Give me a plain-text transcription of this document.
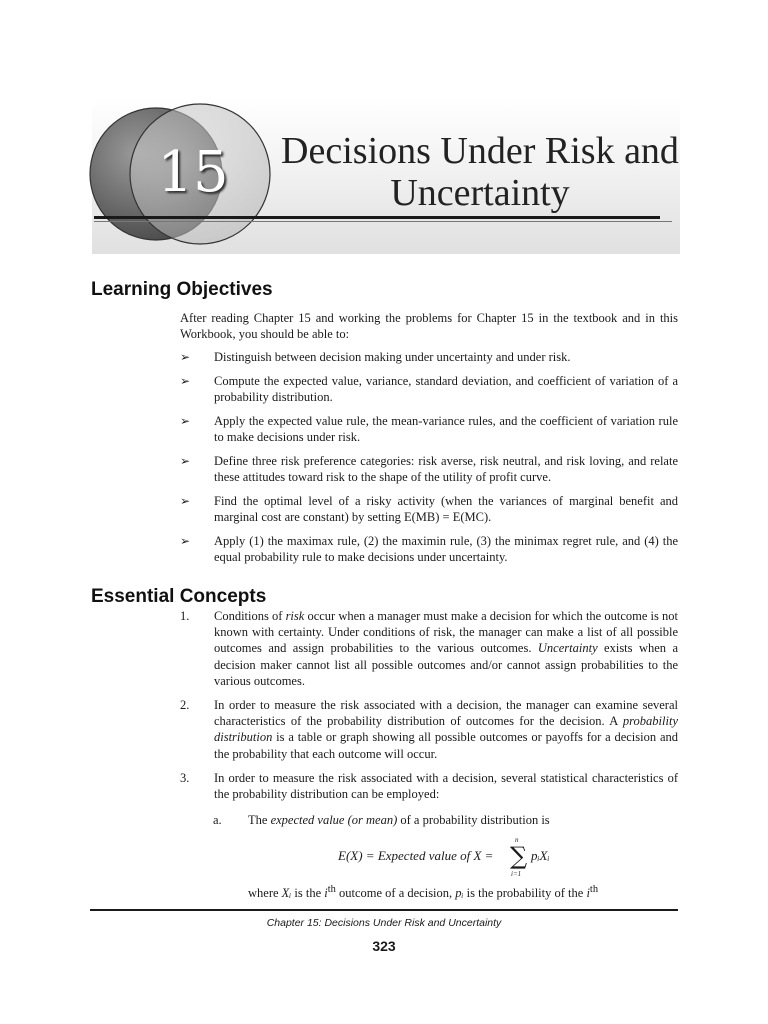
15	Decisions Under Risk and
Uncertainty
Learning Objectives

After reading Chapter 15 and working the problems for Chapter 15 in the textbook and in this Workbook, you should be able to:

➢ Distinguish between decision making under uncertainty and under risk.
➢ Compute the expected value, variance, standard deviation, and coefficient of variation of a probability distribution.
➢ Apply the expected value rule, the mean-variance rules, and the coefficient of variation rule to make decisions under risk.
➢ Define three risk preference categories: risk averse, risk neutral, and risk loving, and relate these attitudes toward risk to the shape of the utility of profit curve.
➢ Find the optimal level of a risky activity (when the variances of marginal benefit and marginal cost are constant) by setting E(MB) = E(MC).
➢ Apply (1) the maximax rule, (2) the maximin rule, (3) the minimax regret rule, and (4) the equal probability rule to make decisions under uncertainty.
Essential Concepts
1. Conditions of risk occur when a manager must make a decision for which the outcome is not known with certainty. Under conditions of risk, the manager can make a list of all possible outcomes and assign probabilities to the various outcomes. Uncertainty exists when a decision maker cannot list all possible outcomes and/or cannot assign probabilities to the various outcomes.
2. In order to measure the risk associated with a decision, the manager can examine several characteristics of the probability distribution of outcomes for the decision. A probability distribution is a table or graph showing all possible outcomes or payoffs for a decision and the probability that each outcome will occur.
3. In order to measure the risk associated with a decision, several statistical characteristics of the probability distribution can be employed:
a. The expected value (or mean) of a probability distribution is
E(X) = Expected value of X =
n
∑
i=1
pᵢXᵢ
where Xᵢ is the $i^{th}$ outcome of a decision, pᵢ is the probability of the $i^{th}$
Chapter 15: Decisions Under Risk and Uncertainty
323
